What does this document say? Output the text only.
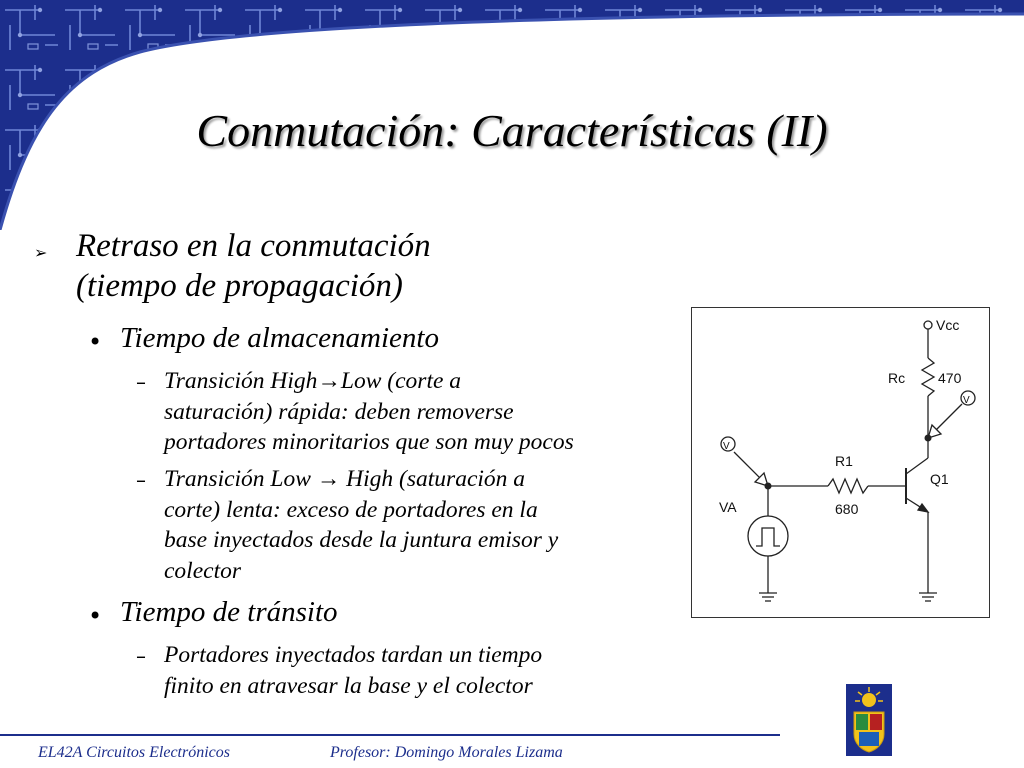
Conmutación: Características (II)
➢ Retraso en la conmutación
(tiempo de propagación)
• Tiempo de almacenamiento
– Transición High→Low (corte a
saturación) rápida: deben removerse
portadores minoritarios que son muy pocos
– Transición Low → High (saturación a
corte) lenta: exceso de portadores en la
base inyectados desde la juntura emisor y
colector
• Tiempo de tránsito
– Portadores inyectados tardan un tiempo
finito en atravesar la base y el colector
Vcc
Rc 470
R1
680
Q1
VA
V
V
EL42A Circuitos Electrónicos	Profesor: Domingo Morales Lizama
